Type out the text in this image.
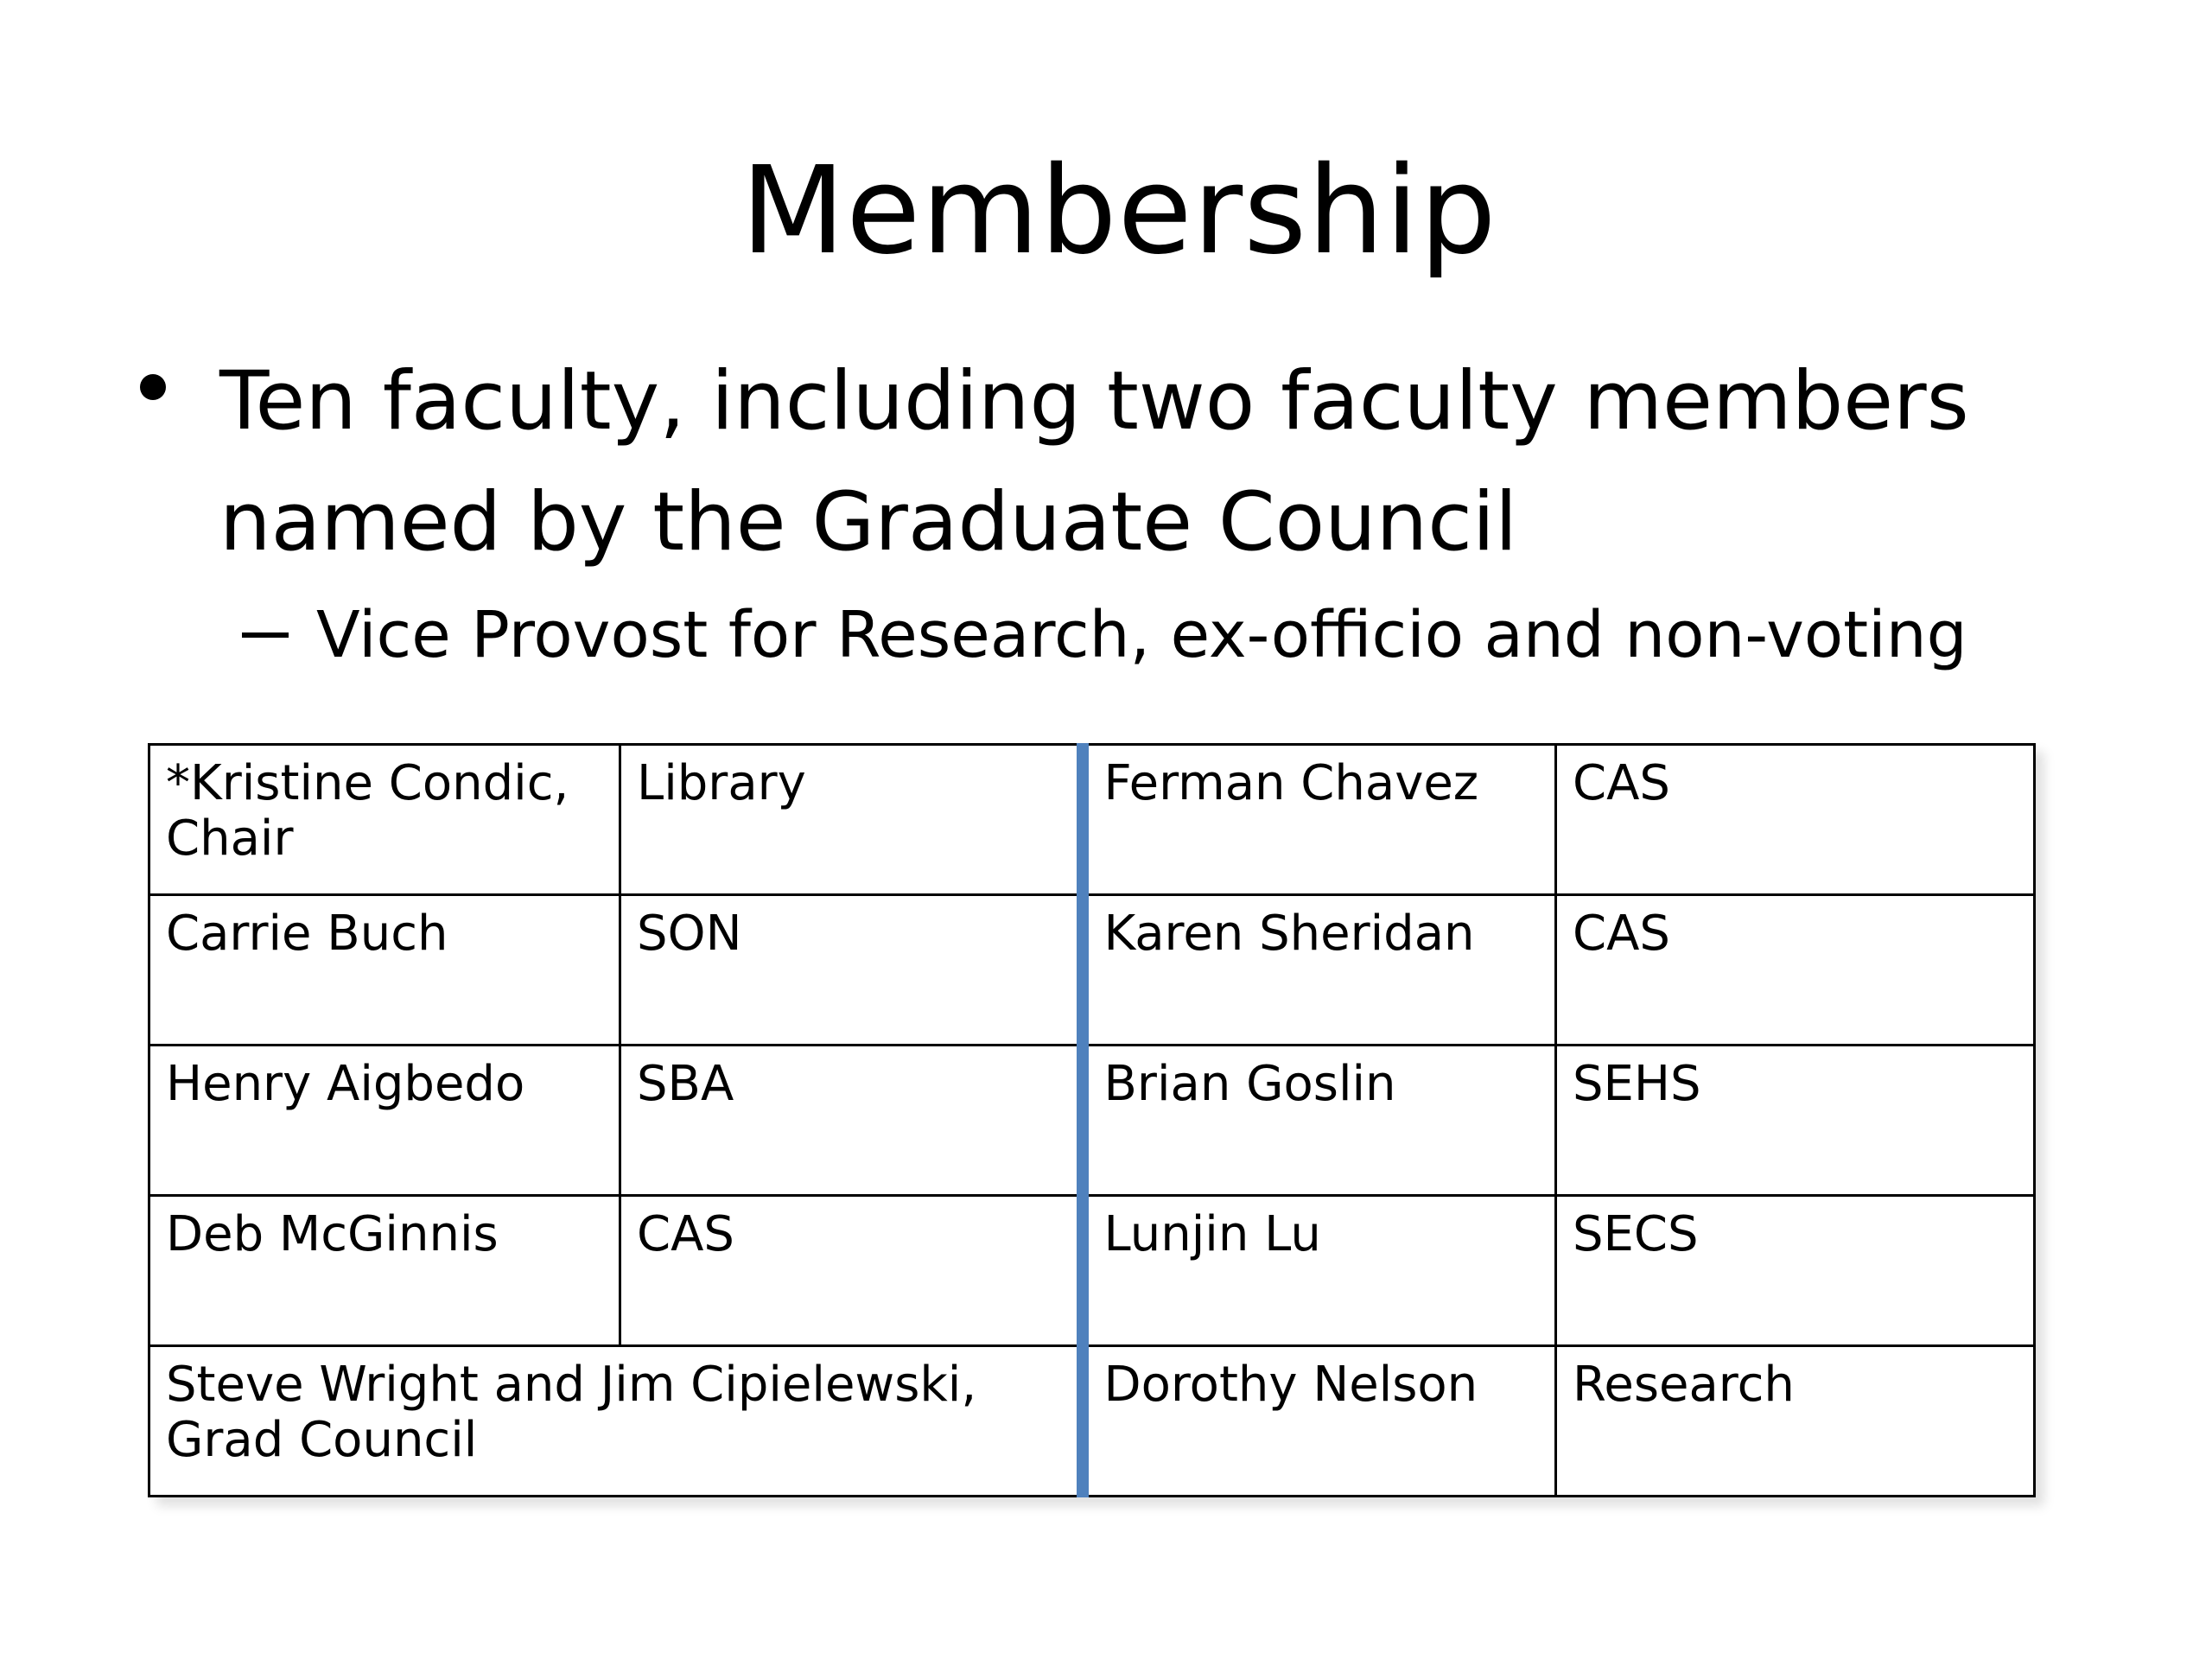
Membership
Ten faculty, including two faculty members named by the Graduate Council
Vice Provost for Research, ex-officio and non-voting
*Kristine Condic, Chair	Library	Ferman Chavez	CAS
Carrie Buch	SON	Karen Sheridan	CAS
Henry Aigbedo	SBA	Brian Goslin	SEHS
Deb McGinnis	CAS	Lunjin Lu	SECS
Steve Wright and Jim Cipielewski, Grad Council		Dorothy Nelson	Research
